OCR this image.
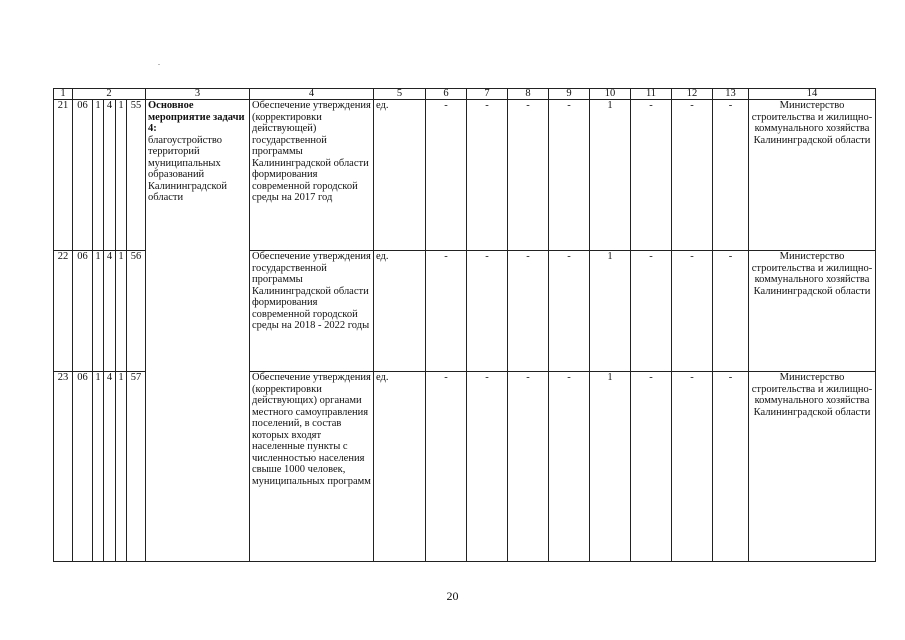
1	2					3	4	5	6	7	8	9	10	11	12	13	14
21	06	1	4	1	55	Основное мероприятие задачи 4:
благоустройство территорий муниципальных образований Калининградской области	Обеспечение утверждения (корректировки действующей) государственной программы Калининградской области формирования современной городской среды на 2017 год	ед.	-	-	-	-	1	-	-	-	Министерство строительства и жилищно-коммунального хозяйства Калининградской области
22	06	1	4	1	56		Обеспечение утверждения государственной программы Калининградской области формирования современной городской среды на 2018 - 2022 годы	ед.	-	-	-	-	1	-	-	-	Министерство строительства и жилищно-коммунального хозяйства Калининградской области
23	06	1	4	1	57		Обеспечение утверждения (корректировки действующих) органами местного самоуправления поселений, в состав которых входят населенные пункты с численностью населения свыше 1000 человек, муниципальных программ	ед.	-	-	-	-	1	-	-	-	Министерство строительства и жилищно-коммунального хозяйства Калининградской области
20
